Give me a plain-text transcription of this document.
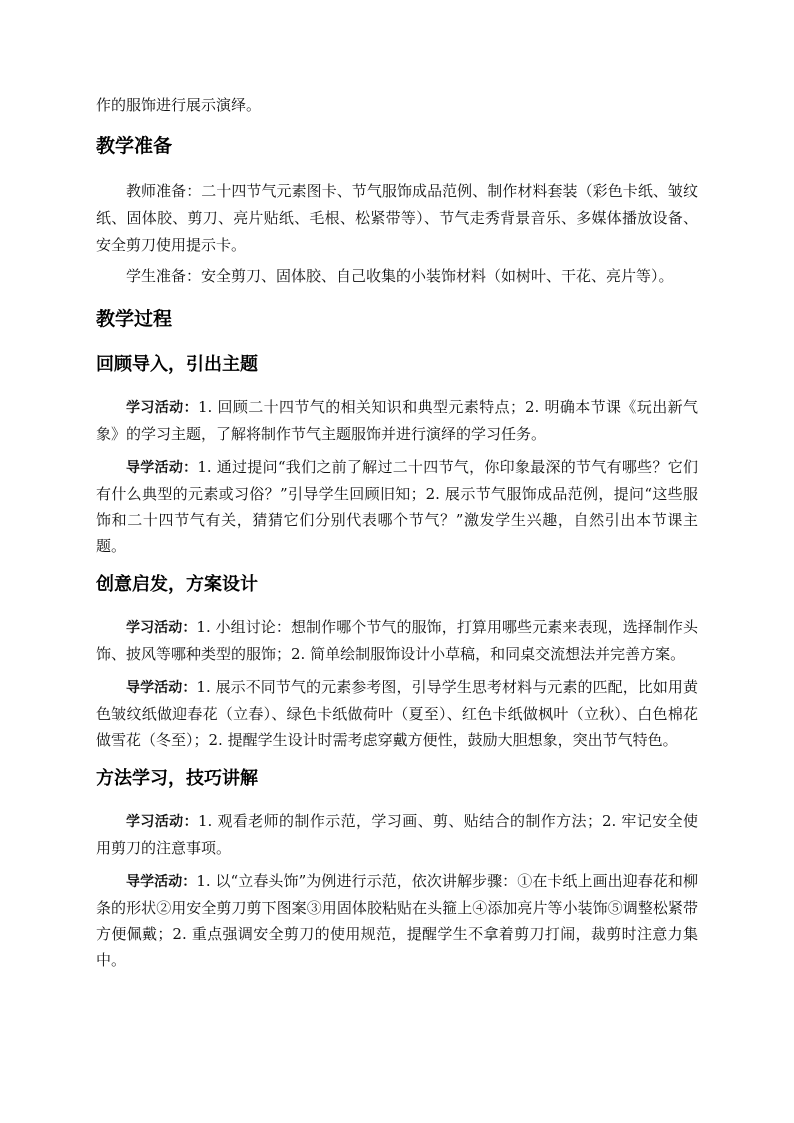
作的服饰进行展示演绎。

教学准备

教师准备：二十四节气元素图卡、节气服饰成品范例、制作材料套装（彩色卡纸、皱纹纸、固体胶、剪刀、亮片贴纸、毛根、松紧带等）、节气走秀背景音乐、多媒体播放设备、安全剪刀使用提示卡。

学生准备：安全剪刀、固体胶、自己收集的小装饰材料（如树叶、干花、亮片等）。

教学过程
回顾导入，引出主题

学习活动：1. 回顾二十四节气的相关知识和典型元素特点；2. 明确本节课《玩出新气象》的学习主题，了解将制作节气主题服饰并进行演绎的学习任务。

导学活动：1. 通过提问“我们之前了解过二十四节气，你印象最深的节气有哪些？它们有什么典型的元素或习俗？”引导学生回顾旧知；2. 展示节气服饰成品范例，提问“这些服饰和二十四节气有关，猜猜它们分别代表哪个节气？”激发学生兴趣，自然引出本节课主题。

创意启发，方案设计

学习活动：1. 小组讨论：想制作哪个节气的服饰，打算用哪些元素来表现，选择制作头饰、披风等哪种类型的服饰；2. 简单绘制服饰设计小草稿，和同桌交流想法并完善方案。

导学活动：1. 展示不同节气的元素参考图，引导学生思考材料与元素的匹配，比如用黄色皱纹纸做迎春花（立春）、绿色卡纸做荷叶（夏至）、红色卡纸做枫叶（立秋）、白色棉花做雪花（冬至）；2. 提醒学生设计时需考虑穿戴方便性，鼓励大胆想象，突出节气特色。

方法学习，技巧讲解

学习活动：1. 观看老师的制作示范，学习画、剪、贴结合的制作方法；2. 牢记安全使用剪刀的注意事项。

导学活动：1. 以“立春头饰”为例进行示范，依次讲解步骤：①在卡纸上画出迎春花和柳条的形状②用安全剪刀剪下图案③用固体胶粘贴在头箍上④添加亮片等小装饰⑤调整松紧带方便佩戴；2. 重点强调安全剪刀的使用规范，提醒学生不拿着剪刀打闹，裁剪时注意力集中。
